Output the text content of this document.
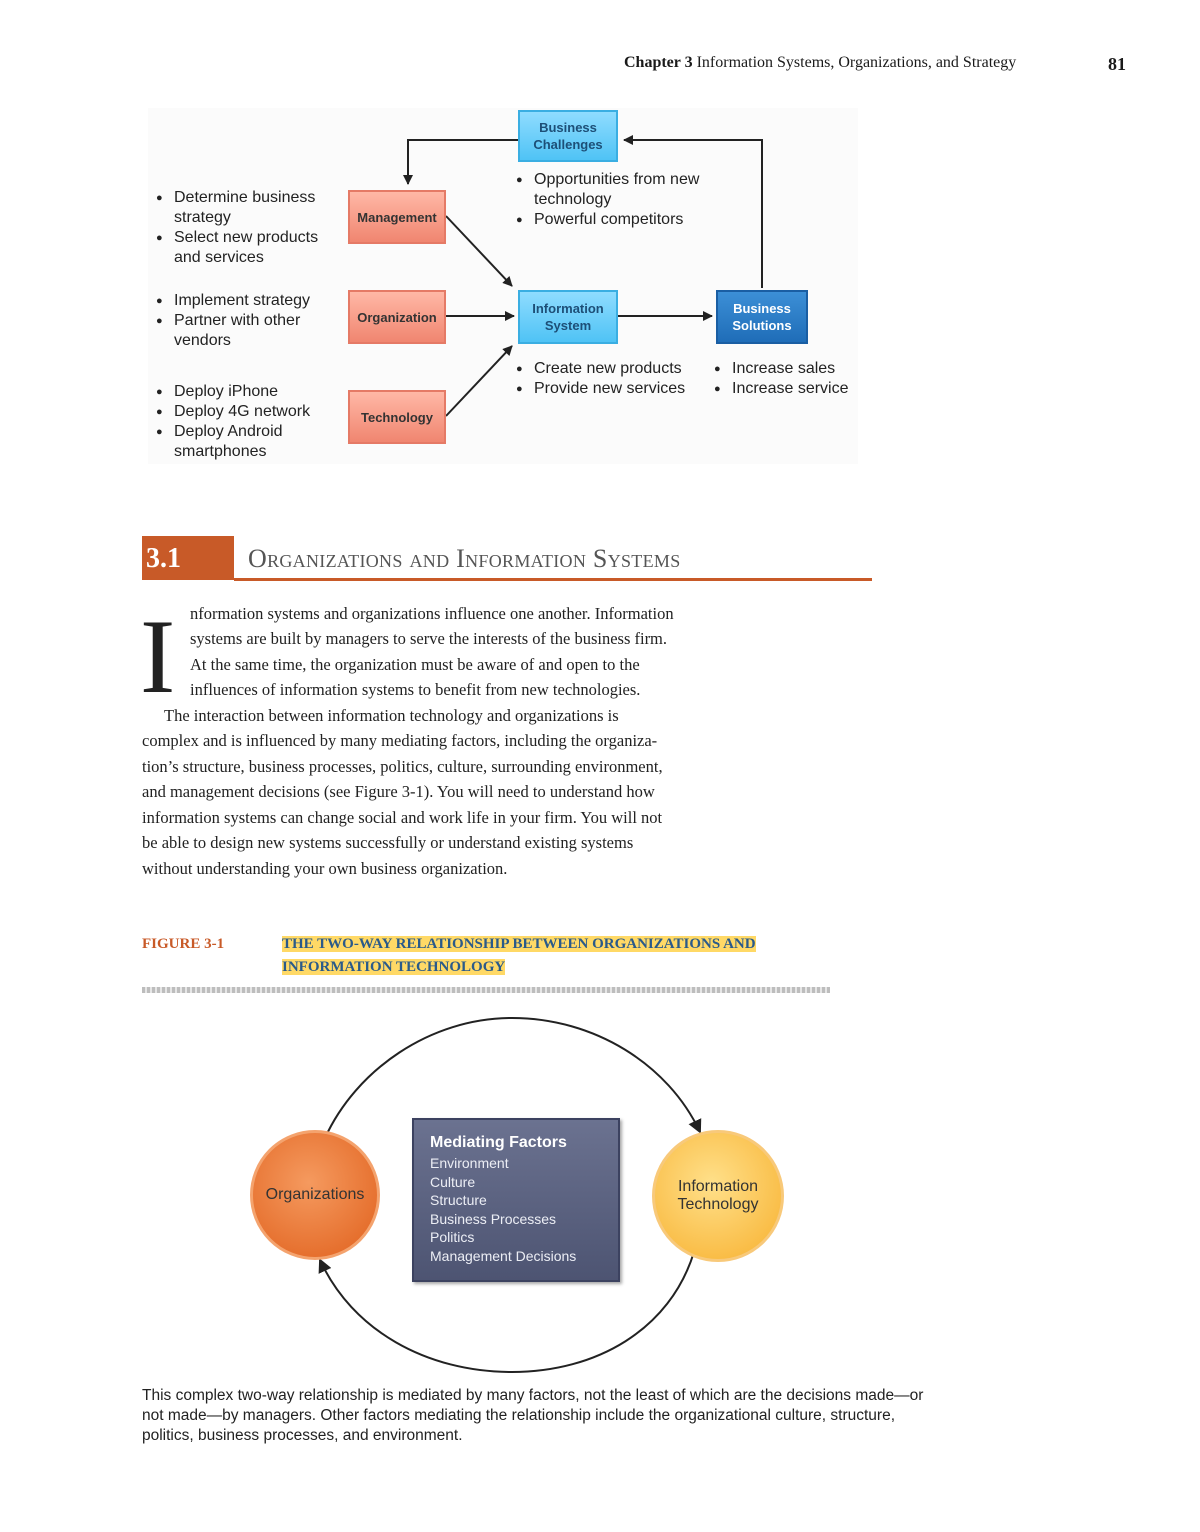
Chapter 3 Information Systems, Organizations, and Strategy	81
Business
Challenges
Management
Organization
Technology
Information
System
Business
Solutions
● Determine business strategy
● Select new products and services
● Implement strategy
● Partner with other vendors
● Deploy iPhone
● Deploy 4G network
● Deploy Android smartphones
● Opportunities from new technology
● Powerful competitors
● Create new products
● Provide new services
● Increase sales
● Increase service
3.1	Organizations and Information Systems
I nformation systems and organizations influence one another. Information
systems are built by managers to serve the interests of the business firm.
At the same time, the organization must be aware of and open to the
influences of information systems to benefit from new technologies.
The interaction between information technology and organizations is
complex and is influenced by many mediating factors, including the organiza-
tion’s structure, business processes, politics, culture, surrounding environment,
and management decisions (see Figure 3-1). You will need to understand how
information systems can change social and work life in your firm. You will not
be able to design new systems successfully or understand existing systems
without understanding your own business organization.
FIGURE 3-1	THE TWO-WAY RELATIONSHIP BETWEEN ORGANIZATIONS AND
INFORMATION TECHNOLOGY
Organizations	Information
Technology
Mediating Factors
Environment
Culture
Structure
Business Processes
Politics
Management Decisions
This complex two-way relationship is mediated by many factors, not the least of which are the decisions made—or not made—by managers. Other factors mediating the relationship include the organizational culture, structure, politics, business processes, and environment.
